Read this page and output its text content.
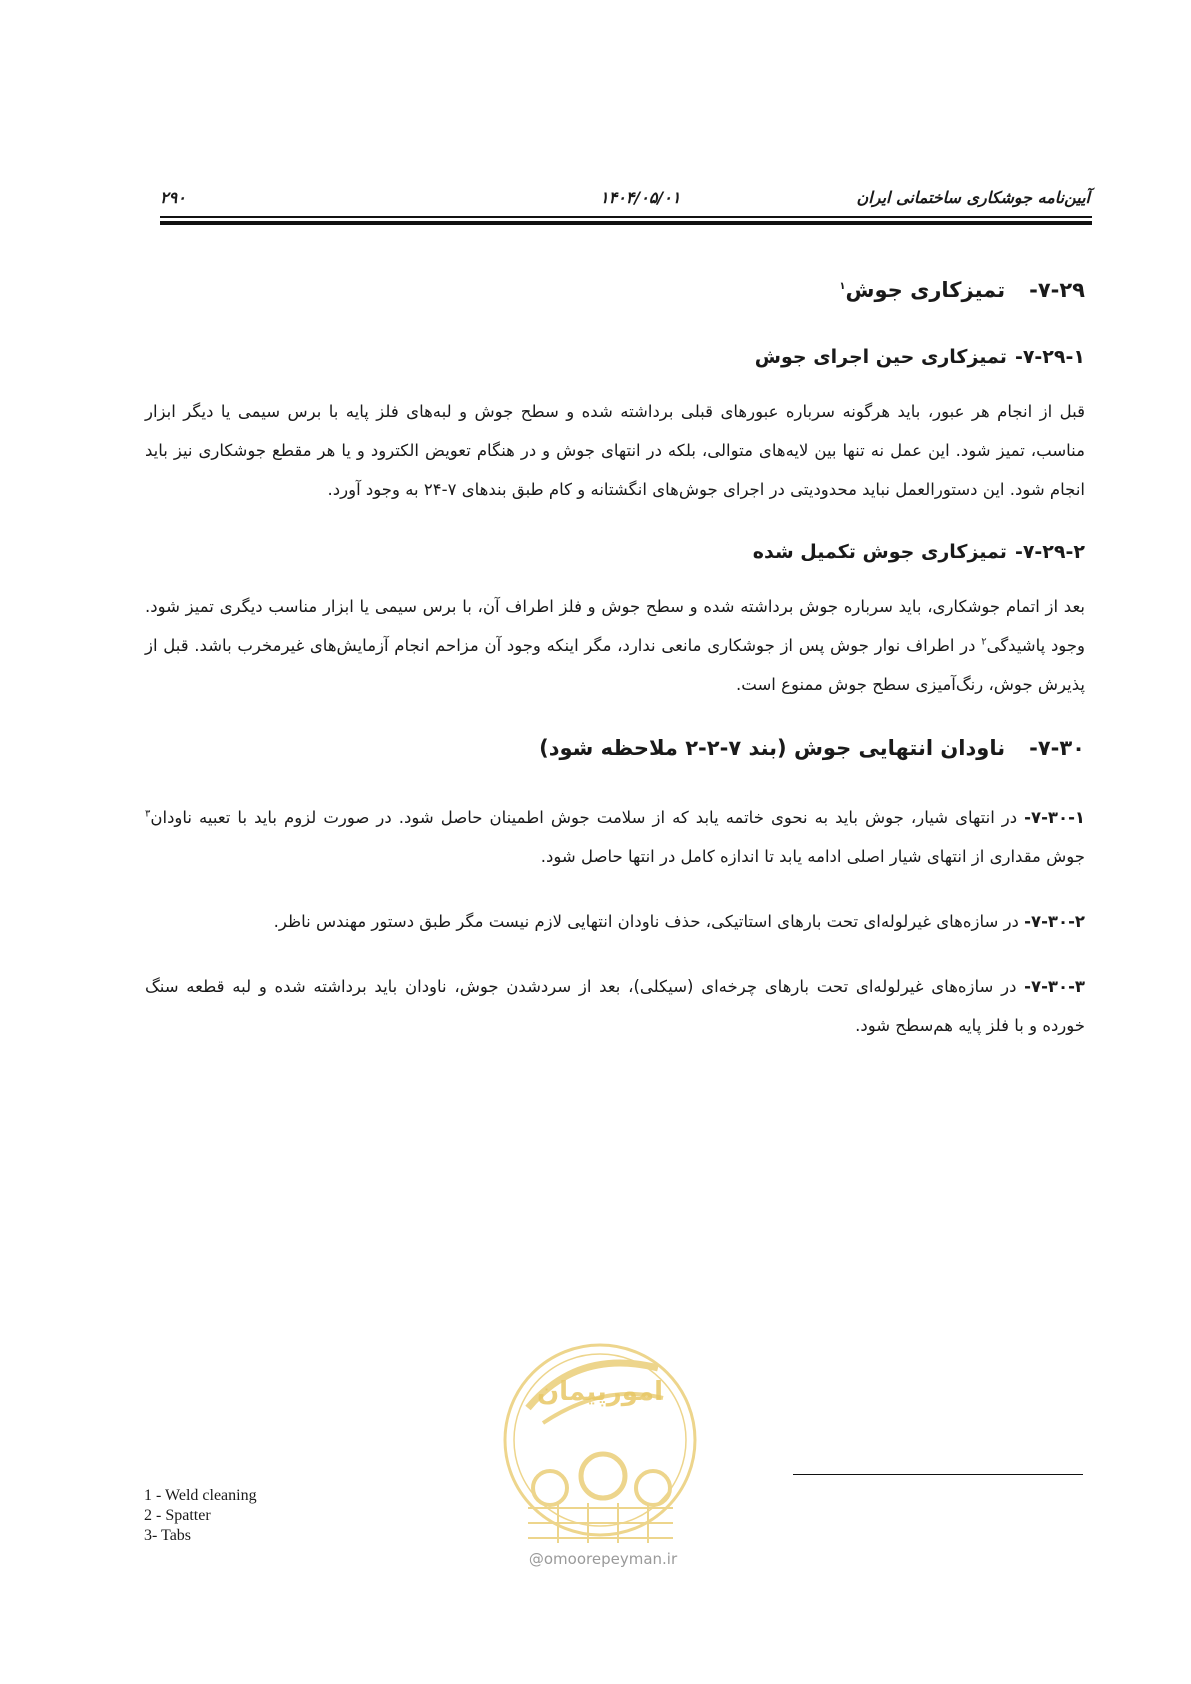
۲۹۰	۱۴۰۴/۰۵/۰۱	آیین‌نامه جوشکاری ساختمانی ایران
۷-۲۹-تمیزکاری جوش$^۱$
۷-۲۹-۱-تمیزکاری حین اجرای جوش

قبل از انجام هر عبور، باید هرگونه سرباره عبورهای قبلی برداشته شده و سطح جوش و لبه‌های فلز پایه با برس سیمی یا دیگر ابزار مناسب، تمیز شود. این عمل نه تنها بین لایه‌های متوالی، بلکه در انتهای جوش و در هنگام تعویض الکترود و یا هر مقطع جوشکاری نیز باید انجام شود. این دستورالعمل نباید محدودیتی در اجرای جوش‌های انگشتانه و کام طبق بندهای ۷-۲۴ به وجود آورد.

۷-۲۹-۲-تمیزکاری جوش تکمیل شده

بعد از اتمام جوشکاری، باید سرباره جوش برداشته شده و سطح جوش و فلز اطراف آن، با برس سیمی یا ابزار مناسب دیگری تمیز شود. وجود پاشیدگی$^۲$ در اطراف نوار جوش پس از جوشکاری مانعی ندارد، مگر اینکه وجود آن مزاحم انجام آزمایش‌های غیرمخرب باشد. قبل از پذیرش جوش، رنگ‌آمیزی سطح جوش ممنوع است.

۷-۳۰-ناودان انتهایی جوش (بند ۷-۲-۲ ملاحظه شود)
۷-۳۰-۱- در انتهای شیار، جوش باید به نحوی خاتمه یابد که از سلامت جوش اطمینان حاصل شود. در صورت لزوم باید با تعبیه ناودان$^۳$ جوش مقداری از انتهای شیار اصلی ادامه یابد تا اندازه کامل در انتها حاصل شود.
۷-۳۰-۲- در سازه‌های غیرلوله‌ای تحت بارهای استاتیکی، حذف ناودان انتهایی لازم نیست مگر طبق دستور مهندس ناظر.
۷-۳۰-۳- در سازه‌های غیرلوله‌ای تحت بارهای چرخه‌ای (سیکلی)، بعد از سردشدن جوش، ناودان باید برداشته شده و لبه قطعه سنگ خورده و با فلز پایه هم‌سطح شود.
امورپیمان
@omoorepeyman.ir
1 - Weld cleaning
2 - Spatter
3- Tabs
